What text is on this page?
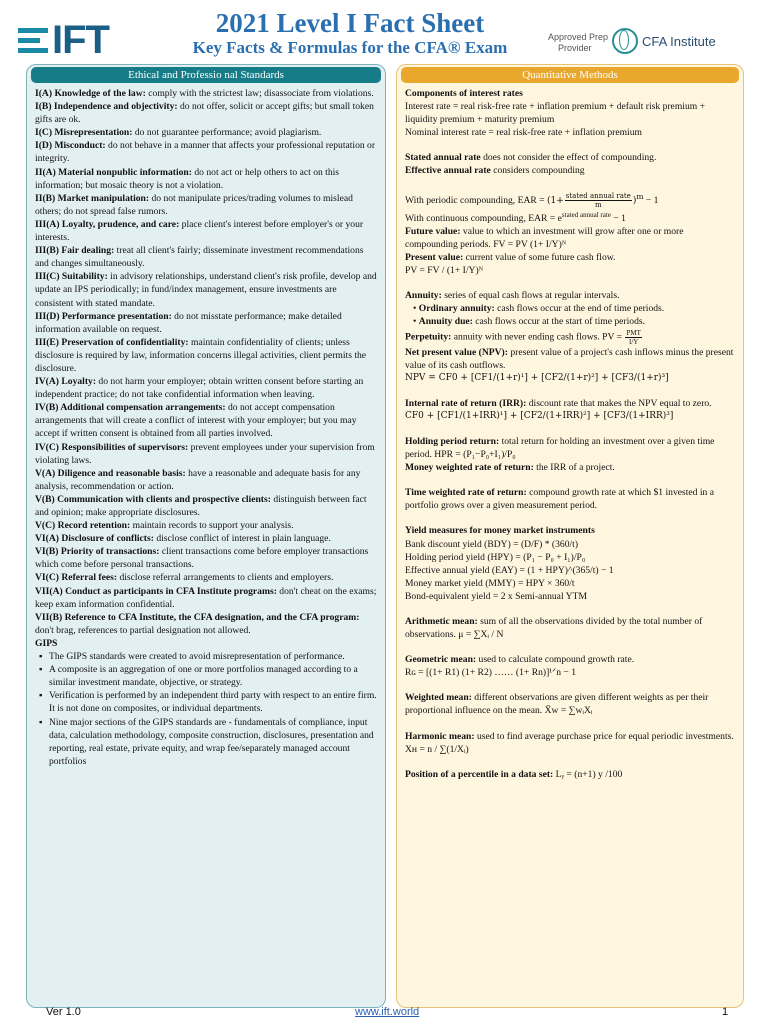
IFT	2021 Level I Fact Sheet
Key Facts & Formulas for the CFA® Exam
Approved Prep
Provider	CFA Institute
Ethical and Professio nal Standards

I(A) Knowledge of the law: comply with the strictest law; disassociate from violations.

I(B) Independence and objectivity: do not offer, solicit or accept gifts; but small token gifts are ok.

I(C) Misrepresentation: do not guarantee performance; avoid plagiarism.

I(D) Misconduct: do not behave in a manner that affects your professional reputation or integrity.

II(A) Material nonpublic information: do not act or help others to act on this information; but mosaic theory is not a violation.

II(B) Market manipulation: do not manipulate prices/trading volumes to mislead others; do not spread false rumors.

III(A) Loyalty, prudence, and care: place client's interest before employer's or your interests.

III(B) Fair dealing: treat all client's fairly; disseminate investment recommendations and changes simultaneously.

III(C) Suitability: in advisory relationships, understand client's risk profile, develop and update an IPS periodically; in fund/index management, ensure investments are consistent with stated mandate.

III(D) Performance presentation: do not misstate performance; make detailed information available on request.

III(E) Preservation of confidentiality: maintain confidentiality of clients; unless disclosure is required by law, information concerns illegal activities, client permits the disclosure.

IV(A) Loyalty: do not harm your employer; obtain written consent before starting an independent practice; do not take confidential information when leaving.

IV(B) Additional compensation arrangements: do not accept compensation arrangements that will create a conflict of interest with your employer; but you may accept if written consent is obtained from all parties involved.

IV(C) Responsibilities of supervisors: prevent employees under your supervision from violating laws.

V(A) Diligence and reasonable basis: have a reasonable and adequate basis for any analysis, recommendation or action.

V(B) Communication with clients and prospective clients: distinguish between fact and opinion; make appropriate disclosures.

V(C) Record retention: maintain records to support your analysis.

VI(A) Disclosure of conflicts: disclose conflict of interest in plain language.

VI(B) Priority of transactions: client transactions come before employer transactions which come before personal transactions.

VI(C) Referral fees: disclose referral arrangements to clients and employers.

VII(A) Conduct as participants in CFA Institute programs: don't cheat on the exams; keep exam information confidential.

VII(B) Reference to CFA Institute, the CFA designation, and the CFA program: don't brag, references to partial designation not allowed.

GIPS

▪ The GIPS standards were created to avoid misrepresentation of performance.
▪ A composite is an aggregation of one or more portfolios managed according to a similar investment mandate, objective, or strategy.
▪ Verification is performed by an independent third party with respect to an entire firm. It is not done on composites, or individual departments.
▪ Nine major sections of the GIPS standards are - fundamentals of compliance, input data, calculation methodology, composite construction, disclosures, presentation and reporting, real estate, private equity, and wrap fee/separately managed account portfolios
Quantitative Methods

Components of interest rates

Interest rate = real risk-free rate + inflation premium + default risk premium + liquidity premium + maturity premium

Nominal interest rate = real risk-free rate + inflation premium

Stated annual rate does not consider the effect of compounding.

Effective annual rate considers compounding

With periodic compounding, EAR = $(1+ \frac{\text{stated annual rate}}{m} )^m - 1$

With continuous compounding, EAR = $e^{stated annual rate} - 1$

Future value: value to which an investment will grow after one or more compounding periods. FV = PV (1+ I/Y)ᴺ

Present value: current value of some future cash flow.

PV = FV / (1+ I/Y)ᴺ

Annuity: series of equal cash flows at regular intervals.

• Ordinary annuity: cash flows occur at the end of time periods.

• Annuity due: cash flows occur at the start of time periods.

Perpetuity: annuity with never ending cash flows. PV = $\frac{\text{PMT}}{I/Y}$

Net present value (NPV): present value of a project's cash inflows minus the present value of its cash outflows.

NPV = CF0 + [CF1/(1+r)¹] + [CF2/(1+r)²] + [CF3/(1+r)³]

Internal rate of return (IRR): discount rate that makes the NPV equal to zero.

CF0 + [CF1/(1+IRR)¹] + [CF2/(1+IRR)²] + [CF3/(1+IRR)³]

Holding period return: total return for holding an investment over a given time period. HPR = (P₁−P₀+I₁)/P₀

Money weighted rate of return: the IRR of a project.

Time weighted rate of return: compound growth rate at which $1 invested in a portfolio grows over a given measurement period.

Yield measures for money market instruments

Bank discount yield (BDY) = (D/F) * (360/t)

Holding period yield (HPY) = (P₁ − P₀ + I₁)/P₀

Effective annual yield (EAY) = (1 + HPY)^(365/t) − 1

Money market yield (MMY) = HPY × 360/t

Bond-equivalent yield = 2 x Semi-annual YTM

Arithmetic mean: sum of all the observations divided by the total number of observations. μ = ∑Xᵢ / N

Geometric mean: used to calculate compound growth rate.

Rɢ = [(1+ R1) (1+ R2) …… (1+ Rn)]¹ᐟn − 1

Weighted mean: different observations are given different weights as per their proportional influence on the mean. X̄w = ∑wᵢXᵢ

Harmonic mean: used to find average purchase price for equal periodic investments. Xʜ = n / ∑(1/Xᵢ)

Position of a percentile in a data set: Lᵧ = (n+1) y /100

Ver 1.0	www.ift.world	1
